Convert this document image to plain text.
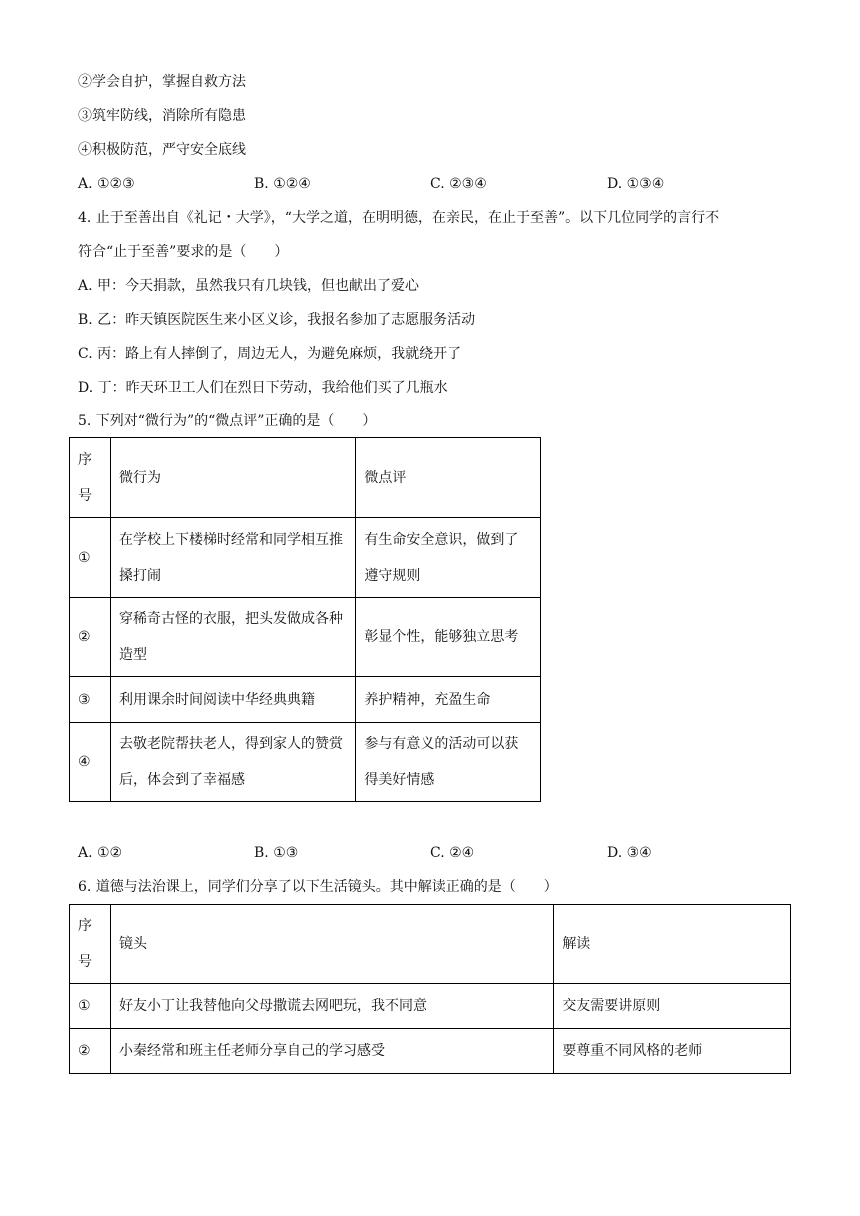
②学会自护，掌握自救方法
③筑牢防线，消除所有隐患
④积极防范，严守安全底线
A. ①②③	B. ①②④	C. ②③④	D. ①③④
4. 止于至善出自《礼记・大学》，“大学之道，在明明德，在亲民，在止于至善”。以下几位同学的言行不
符合“止于至善”要求的是（　　）
A. 甲：今天捐款，虽然我只有几块钱，但也献出了爱心
B. 乙：昨天镇医院医生来小区义诊，我报名参加了志愿服务活动
C. 丙：路上有人摔倒了，周边无人，为避免麻烦，我就绕开了
D. 丁：昨天环卫工人们在烈日下劳动，我给他们买了几瓶水
5. 下列对“微行为”的“微点评”正确的是（　　）
序号	微行为	微点评
①	在学校上下楼梯时经常和同学相互推搡打闹	有生命安全意识，做到了遵守规则
②	穿稀奇古怪的衣服，把头发做成各种造型	彰显个性，能够独立思考
③	利用课余时间阅读中华经典典籍	养护精神，充盈生命
④	去敬老院帮扶老人，得到家人的赞赏后，体会到了幸福感	参与有意义的活动可以获得美好情感
A. ①②	B. ①③	C. ②④	D. ③④
6. 道德与法治课上，同学们分享了以下生活镜头。其中解读正确的是（　　）
序号	镜头	解读
①	好友小丁让我替他向父母撒谎去网吧玩，我不同意	交友需要讲原则
②	小秦经常和班主任老师分享自己的学习感受	要尊重不同风格的老师
